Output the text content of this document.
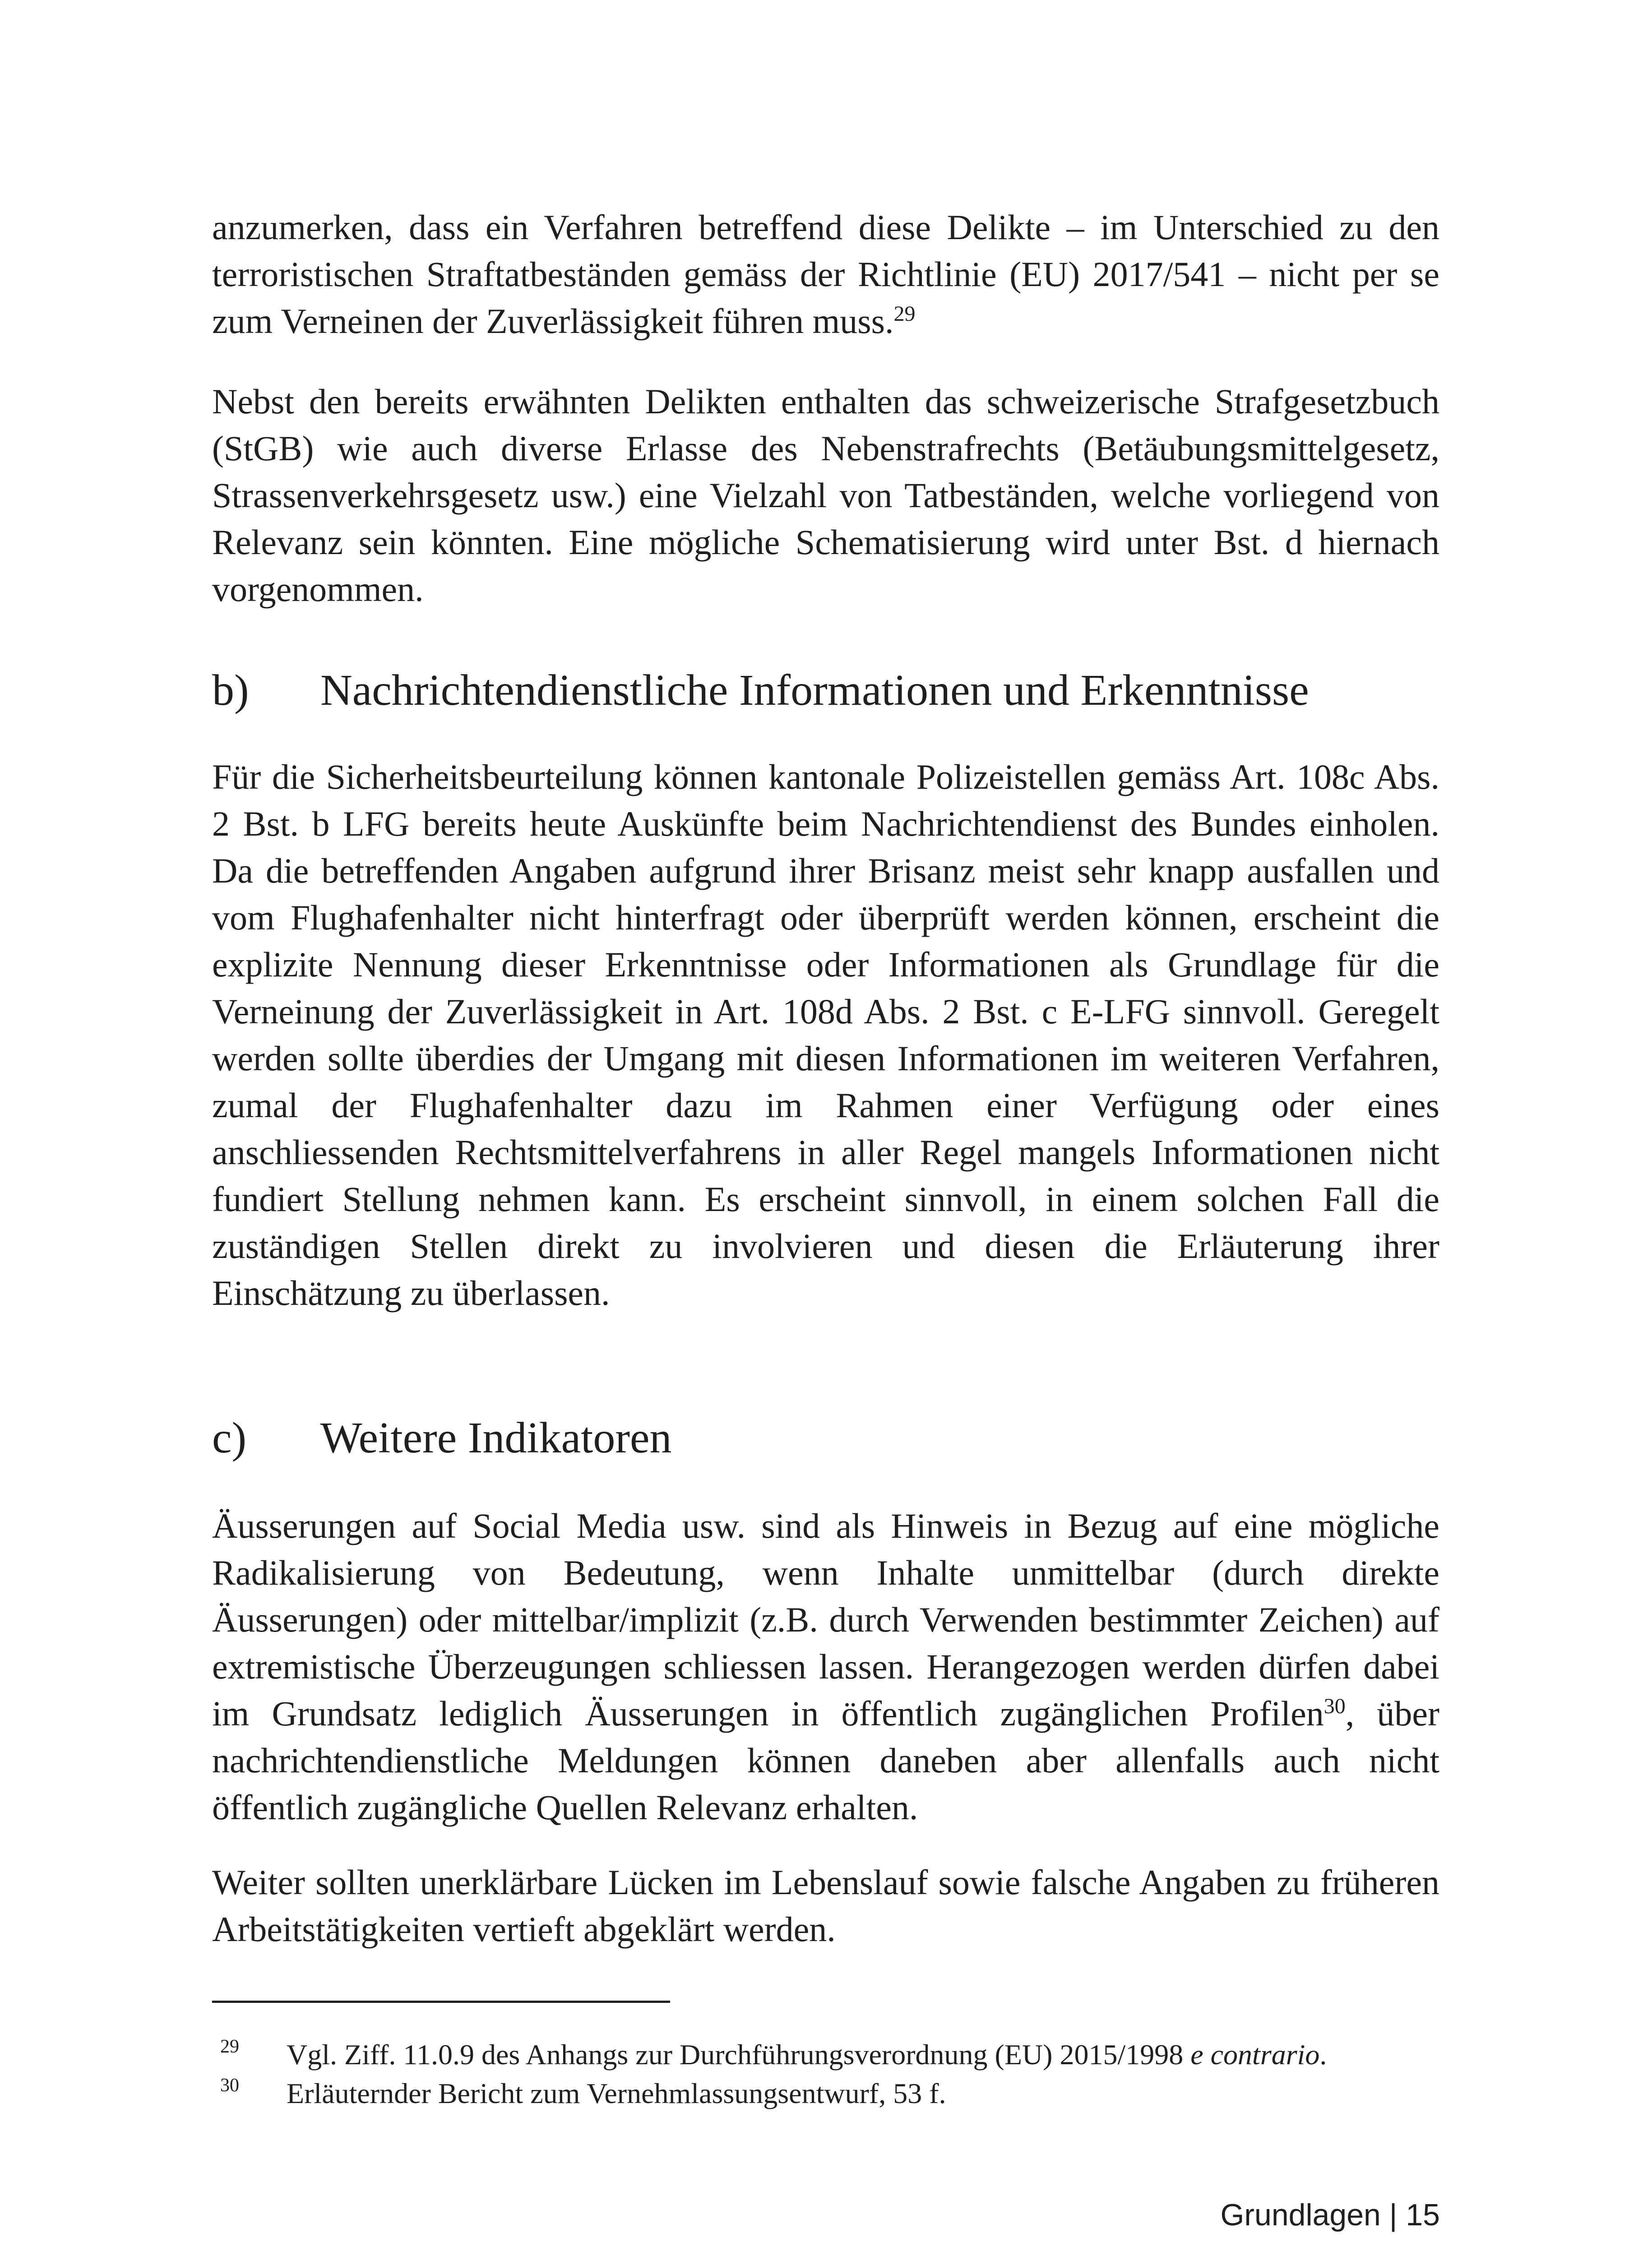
anzumerken, dass ein Verfahren betreffend diese Delikte – im Unterschied zu den terroristischen Straftatbeständen gemäss der Richtlinie (EU) 2017/541 – nicht per se zum Verneinen der Zuverlässigkeit führen muss.$^{29}$

Nebst den bereits erwähnten Delikten enthalten das schweizerische Strafgesetzbuch (StGB) wie auch diverse Erlasse des Nebenstrafrechts (Betäubungsmittelgesetz, Strassenverkehrsgesetz usw.) eine Vielzahl von Tatbeständen, welche vorliegend von Relevanz sein könnten. Eine mögliche Schematisierung wird unter Bst. d hiernach vorgenommen.

b) Nachrichtendienstliche Informationen und Erkenntnisse

Für die Sicherheitsbeurteilung können kantonale Polizeistellen gemäss Art. 108c Abs. 2 Bst. b LFG bereits heute Auskünfte beim Nachrichtendienst des Bundes einholen. Da die betreffenden Angaben aufgrund ihrer Brisanz meist sehr knapp ausfallen und vom Flughafenhalter nicht hinterfragt oder überprüft werden können, erscheint die explizite Nennung dieser Erkenntnisse oder Informationen als Grundlage für die Verneinung der Zuverlässigkeit in Art. 108d Abs. 2 Bst. c E-LFG sinnvoll. Geregelt werden sollte überdies der Umgang mit diesen Informationen im weiteren Verfahren, zumal der Flughafenhalter dazu im Rahmen einer Verfügung oder eines anschliessenden Rechtsmittelverfahrens in aller Regel mangels Informationen nicht fundiert Stellung nehmen kann. Es erscheint sinnvoll, in einem solchen Fall die zuständigen Stellen direkt zu involvieren und diesen die Erläuterung ihrer Einschätzung zu überlassen.

c) Weitere Indikatoren

Äusserungen auf Social Media usw. sind als Hinweis in Bezug auf eine mögliche Radikalisierung von Bedeutung, wenn Inhalte unmittelbar (durch direkte Äusserungen) oder mittelbar/implizit (z.B. durch Verwenden bestimmter Zeichen) auf extremistische Überzeugungen schliessen lassen. Herangezogen werden dürfen dabei im Grundsatz lediglich Äusserungen in öffentlich zugänglichen Profilen$^{30}$, über nachrichtendienstliche Meldungen können daneben aber allenfalls auch nicht öffentlich zugängliche Quellen Relevanz erhalten.

Weiter sollten unerklärbare Lücken im Lebenslauf sowie falsche Angaben zu früheren Arbeitstätigkeiten vertieft abgeklärt werden.

29 Vgl. Ziff. 11.0.9 des Anhangs zur Durchführungsverordnung (EU) 2015/1998 e contrario.
30 Erläuternder Bericht zum Vernehmlassungsentwurf, 53 f.
Grundlagen | 15
